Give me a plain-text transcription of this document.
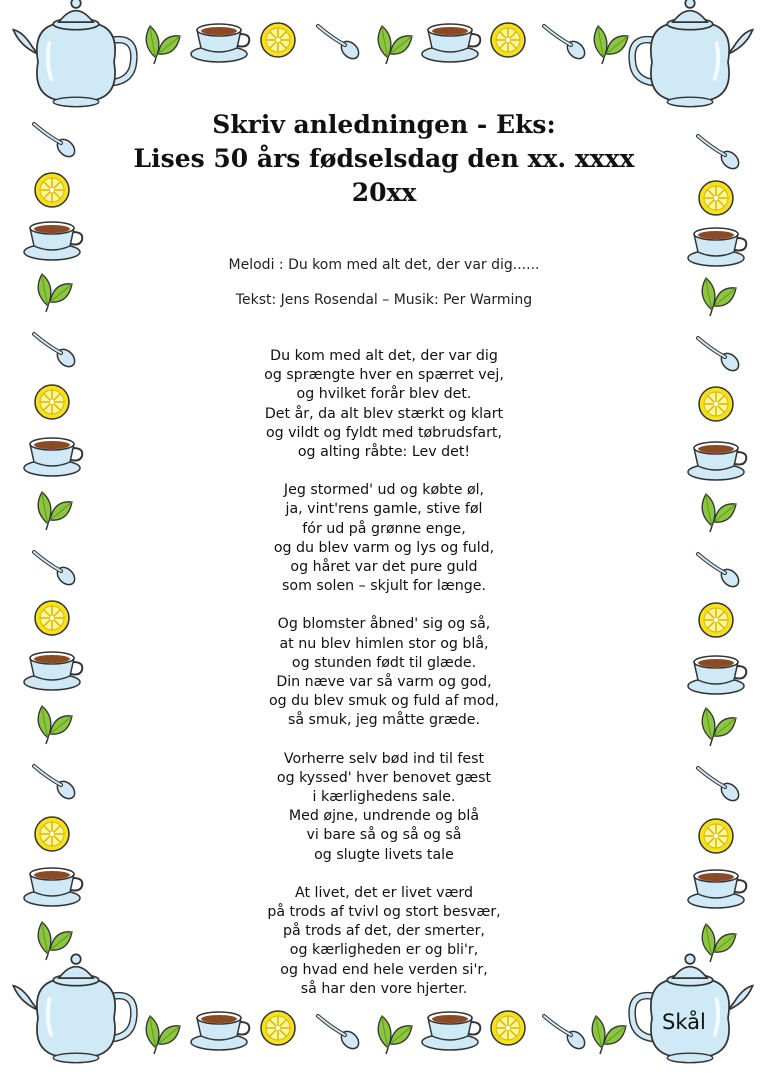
Skriv anledningen - Eks:
Lises 50 års fødselsdag den xx. xxxx 20xx
Melodi : Du kom med alt det, der var dig......
Tekst: Jens Rosendal – Musik: Per Warming
Du kom med alt det, der var dig
og sprængte hver en spærret vej,
og hvilket forår blev det.
Det år, da alt blev stærkt og klart
og vildt og fyldt med tøbrudsfart,
og alting råbte: Lev det!
Jeg stormed' ud og købte øl,
ja, vint'rens gamle, stive føl
fór ud på grønne enge,
og du blev varm og lys og fuld,
og håret var det pure guld
som solen – skjult for længe.
Og blomster åbned' sig og så,
at nu blev himlen stor og blå,
og stunden født til glæde.
Din næve var så varm og god,
og du blev smuk og fuld af mod,
så smuk, jeg måtte græde.
Vorherre selv bød ind til fest
og kyssed' hver benovet gæst
i kærlighedens sale.
Med øjne, undrende og blå
vi bare så og så og så
og slugte livets tale
At livet, det er livet værd
på trods af tvivl og stort besvær,
på trods af det, der smerter,
og kærligheden er og bli'r,
og hvad end hele verden si'r,
så har den vore hjerter.
Skål
